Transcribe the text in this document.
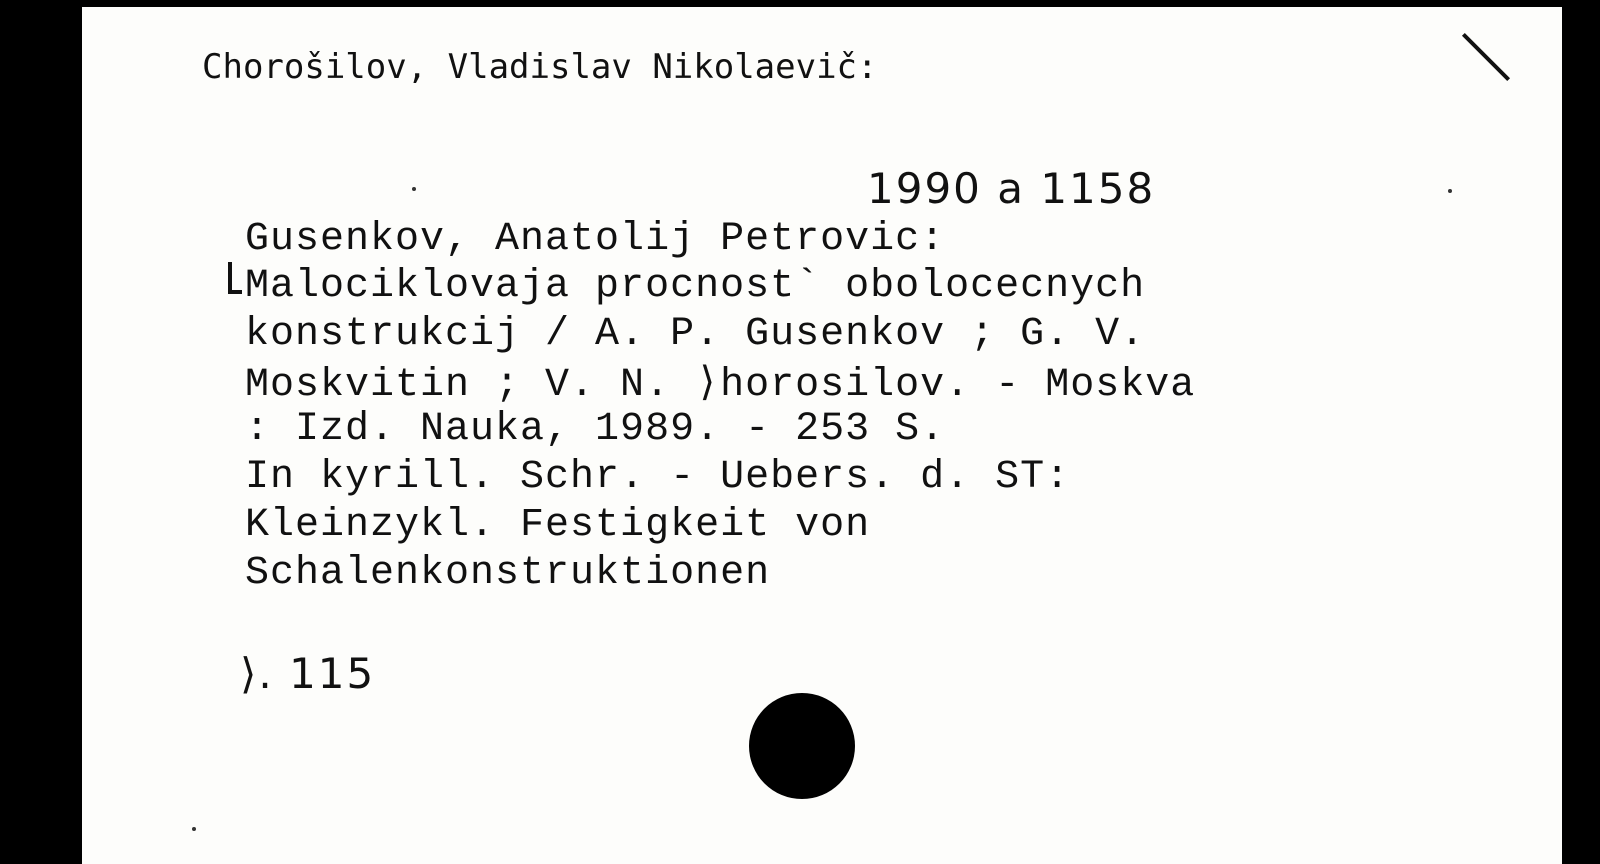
Chorošilov, Vladislav Nikolaevič:
1990 a 1158
Gusenkov, Anatolij Petrovic:
Malociklovaja procnost` obolocecnych
konstrukcij / A. P. Gusenkov ; G. V.
Moskvitin ; V. N. ⟩horosilov. - Moskva
: Izd. Nauka, 1989. - 253 S.
In kyrill. Schr. - Uebers. d. ST:
Kleinzykl. Festigkeit von
Schalenkonstruktionen
⟩. 115
